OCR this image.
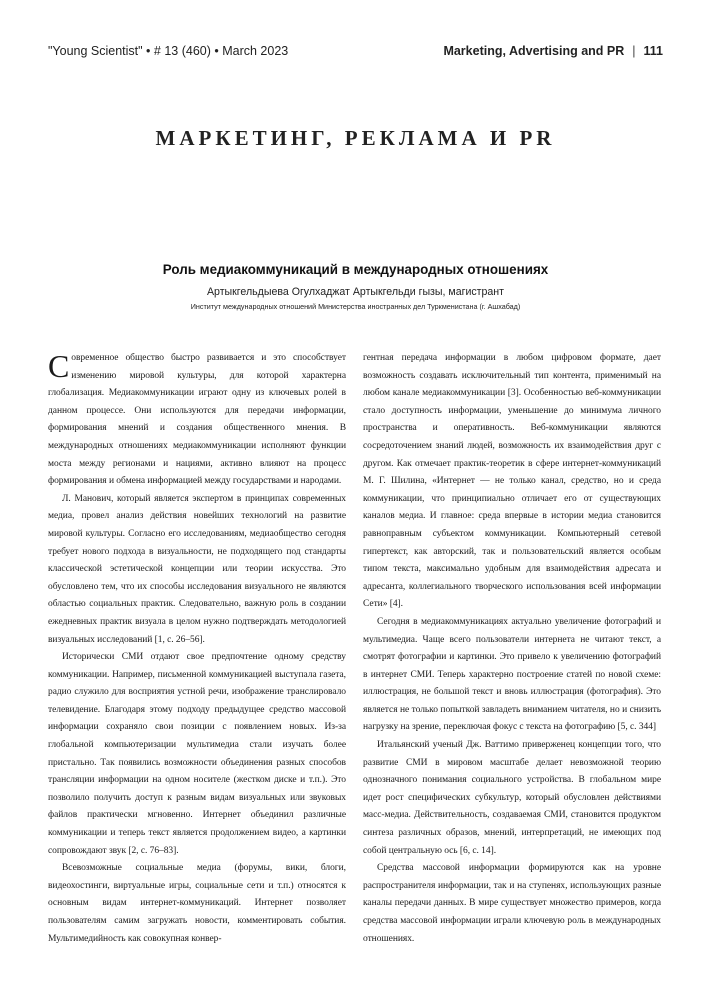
"Young Scientist" • # 13 (460) • March 2023	Marketing, Advertising and PR | 111
МАРКЕТИНГ, РЕКЛАМА И PR
Роль медиакоммуникаций в международных отношениях
Артыкгельдыева Огулхаджат Артыкгельди гызы, магистрант
Институт международных отношений Министерства иностранных дел Туркменистана (г. Ашхабад)

Современное общество быстро развивается и это способствует изменению мировой культуры, для которой характерна глобализация. Медиакоммуникации играют одну из ключевых ролей в данном процессе. Они используются для передачи информации, формирования мнений и создания общественного мнения. В международных отношениях медиакоммуникации исполняют функции моста между регионами и нациями, активно влияют на процесс формирования и обмена информацией между государствами и народами.

Л. Манович, который является экспертом в принципах современных медиа, провел анализ действия новейших технологий на развитие мировой культуры. Согласно его исследованиям, медиаобщество сегодня требует нового подхода в визуальности, не подходящего под стандарты классической эстетической концепции или теории искусства. Это обусловлено тем, что их способы исследования визуального не являются областью социальных практик. Следовательно, важную роль в создании ежедневных практик визуала в целом нужно подтверждать методологией визуальных исследований [1, с. 26–56].

Исторически СМИ отдают свое предпочтение одному средству коммуникации. Например, письменной коммуникацией выступала газета, радио служило для восприятия устной речи, изображение транслировало телевидение. Благодаря этому подходу предыдущее средство массовой информации сохраняло свои позиции с появлением новых. Из-за глобальной компьютеризации мультимедиа стали изучать более пристально. Так появились возможности объединения разных способов трансляции информации на одном носителе (жестком диске и т.п.). Это позволило получить доступ к разным видам визуальных или звуковых файлов практически мгновенно. Интернет объединил различные коммуникации и теперь текст является продолжением видео, а картинки сопровождают звук [2, с. 76–83].

Всевозможные социальные медиа (форумы, вики, блоги, видеохостинги, виртуальные игры, социальные сети и т.п.) относятся к основным видам интернет-коммуникаций. Интернет позволяет пользователям самим загружать новости, комментировать события. Мультимедийность как совокупная конвер-

гентная передача информации в любом цифровом формате, дает возможность создавать исключительный тип контента, применимый на любом канале медиакоммуникации [3]. Особенностью веб-коммуникации стало доступность информации, уменьшение до минимума личного пространства и оперативность. Веб-коммуникации являются сосредоточением знаний людей, возможность их взаимодействия друг с другом. Как отмечает практик-теоретик в сфере интернет-коммуникаций М. Г. Шилина, «Интернет — не только канал, средство, но и среда коммуникации, что принципиально отличает его от существующих каналов медиа. И главное: среда впервые в истории медиа становится равноправным субъектом коммуникации. Компьютерный сетевой гипертекст, как авторский, так и пользовательский является особым типом текста, максимально удобным для взаимодействия адресата и адресанта, коллегиального творческого использования всей информации Сети» [4].

Сегодня в медиакоммуникациях актуально увеличение фотографий и мультимедиа. Чаще всего пользователи интернета не читают текст, а смотрят фотографии и картинки. Это привело к увеличению фотографий в интернет СМИ. Теперь характерно построение статей по новой схеме: иллюстрация, не большой текст и вновь иллюстрация (фотография). Это является не только попыткой завладеть вниманием читателя, но и снизить нагрузку на зрение, переключая фокус с текста на фотографию [5, с. 344]

Итальянский ученый Дж. Ваттимо приверженец концепции того, что развитие СМИ в мировом масштабе делает невозможной теорию однозначного понимания социального устройства. В глобальном мире идет рост специфических субкультур, который обусловлен действиями масс-медиа. Действительность, создаваемая СМИ, становится продуктом синтеза различных образов, мнений, интерпретаций, не имеющих под собой центральную ось [6, с. 14].

Средства массовой информации формируются как на уровне распространителя информации, так и на ступенях, использующих разные каналы передачи данных. В мире существует множество примеров, когда средства массовой информации играли ключевую роль в международных отношениях.
